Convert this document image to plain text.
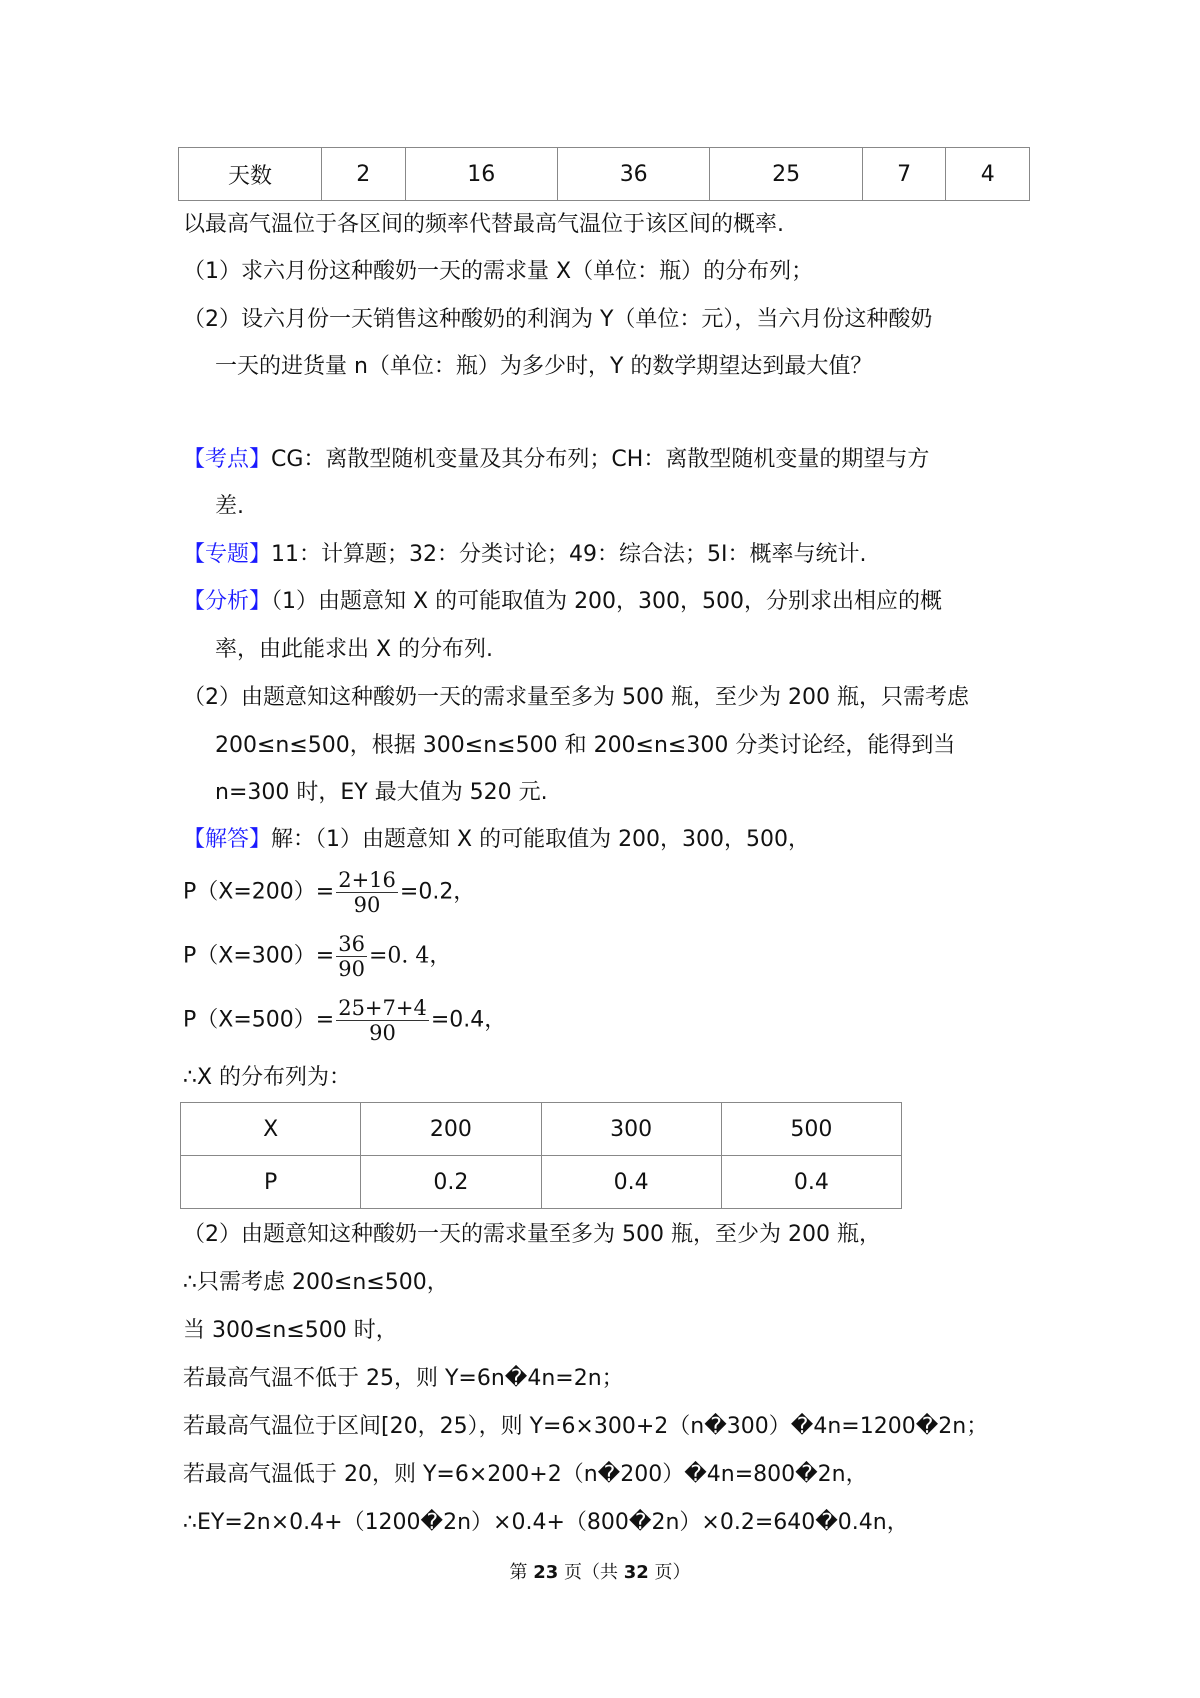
天数	2	16	36	25	7	4
以最高气温位于各区间的频率代替最高气温位于该区间的概率.
（1）求六月份这种酸奶一天的需求量 X（单位：瓶）的分布列；
（2）设六月份一天销售这种酸奶的利润为 Y（单位：元），当六月份这种酸奶
一天的进货量 n（单位：瓶）为多少时，Y 的数学期望达到最大值？
【考点】CG：离散型随机变量及其分布列；CH：离散型随机变量的期望与方
差.
【专题】11：计算题；32：分类讨论；49：综合法；5I：概率与统计.
【分析】（1）由题意知 X 的可能取值为 200，300，500，分别求出相应的概
率，由此能求出 X 的分布列.
（2）由题意知这种酸奶一天的需求量至多为 500 瓶，至少为 200 瓶，只需考虑
200≤n≤500，根据 300≤n≤500 和 200≤n≤300 分类讨论经，能得到当
n=300 时，EY 最大值为 520 元.
【解答】解：（1）由题意知 X 的可能取值为 200，300，500，
$P(X=200)= \frac{2+16}{90} =0.2$，
$P(X=300)= \frac{36}{90} =0$. 4，
$P(X=500)= \frac{25+7+4}{90} =0.4$，
∴X 的分布列为：
X	200	300	500
P	0.2	0.4	0.4
（2）由题意知这种酸奶一天的需求量至多为 500 瓶，至少为 200 瓶，
∴只需考虑 200≤n≤500，
当 300≤n≤500 时，
若最高气温不低于 25，则 Y=6n�4n=2n；
若最高气温位于区间[20，25），则 Y=6×300+2（n�300）�4n=1200�2n；
若最高气温低于 20，则 Y=6×200+2（n�200）�4n=800�2n，
∴EY=2n×0.4+（1200�2n）×0.4+（800�2n）×0.2=640�0.4n，
第 23 页（共 32 页）
